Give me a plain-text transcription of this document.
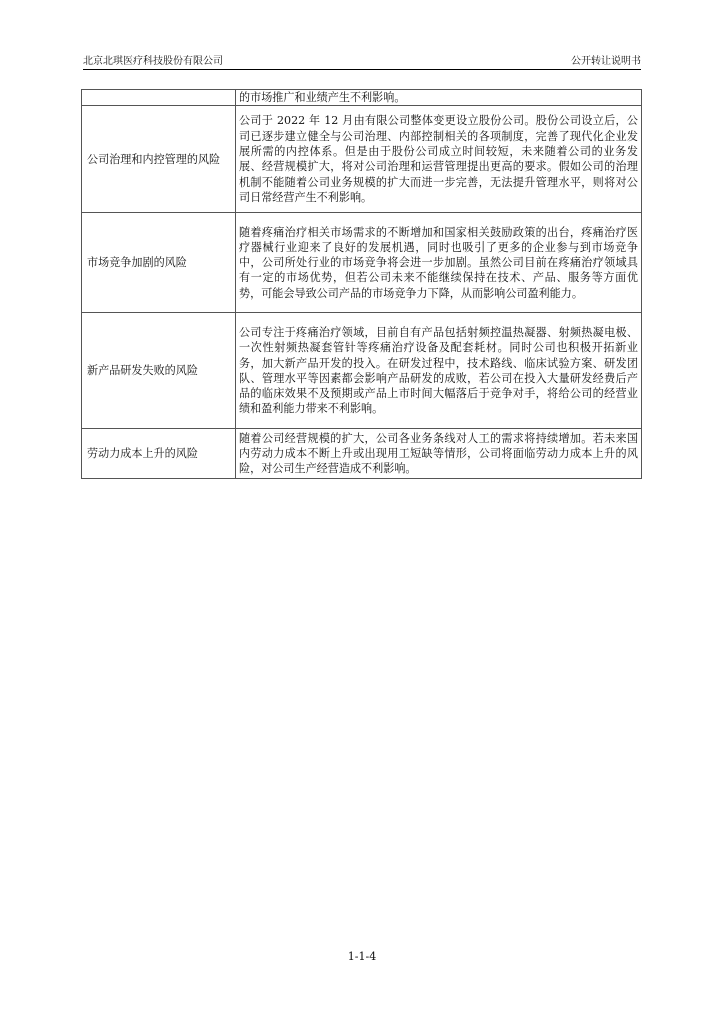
北京北琪医疗科技股份有限公司	公开转让说明书
	的市场推广和业绩产生不利影响。
公司治理和内控管理的风险	公司于 2022 年 12 月由有限公司整体变更设立股份公司。股份公司设立后，公司已逐步建立健全与公司治理、内部控制相关的各项制度，完善了现代化企业发展所需的内控体系。但是由于股份公司成立时间较短，未来随着公司的业务发展、经营规模扩大，将对公司治理和运营管理提出更高的要求。假如公司的治理机制不能随着公司业务规模的扩大而进一步完善，无法提升管理水平，则将对公司日常经营产生不利影响。
市场竞争加剧的风险	随着疼痛治疗相关市场需求的不断增加和国家相关鼓励政策的出台，疼痛治疗医疗器械行业迎来了良好的发展机遇，同时也吸引了更多的企业参与到市场竞争中，公司所处行业的市场竞争将会进一步加剧。虽然公司目前在疼痛治疗领域具有一定的市场优势，但若公司未来不能继续保持在技术、产品、服务等方面优势，可能会导致公司产品的市场竞争力下降，从而影响公司盈利能力。
新产品研发失败的风险	公司专注于疼痛治疗领域，目前自有产品包括射频控温热凝器、射频热凝电极、一次性射频热凝套管针等疼痛治疗设备及配套耗材。同时公司也积极开拓新业务，加大新产品开发的投入。在研发过程中，技术路线、临床试验方案、研发团队、管理水平等因素都会影响产品研发的成败，若公司在投入大量研发经费后产品的临床效果不及预期或产品上市时间大幅落后于竞争对手，将给公司的经营业绩和盈利能力带来不利影响。
劳动力成本上升的风险	随着公司经营规模的扩大，公司各业务条线对人工的需求将持续增加。若未来国内劳动力成本不断上升或出现用工短缺等情形，公司将面临劳动力成本上升的风险，对公司生产经营造成不利影响。
1-1-4
